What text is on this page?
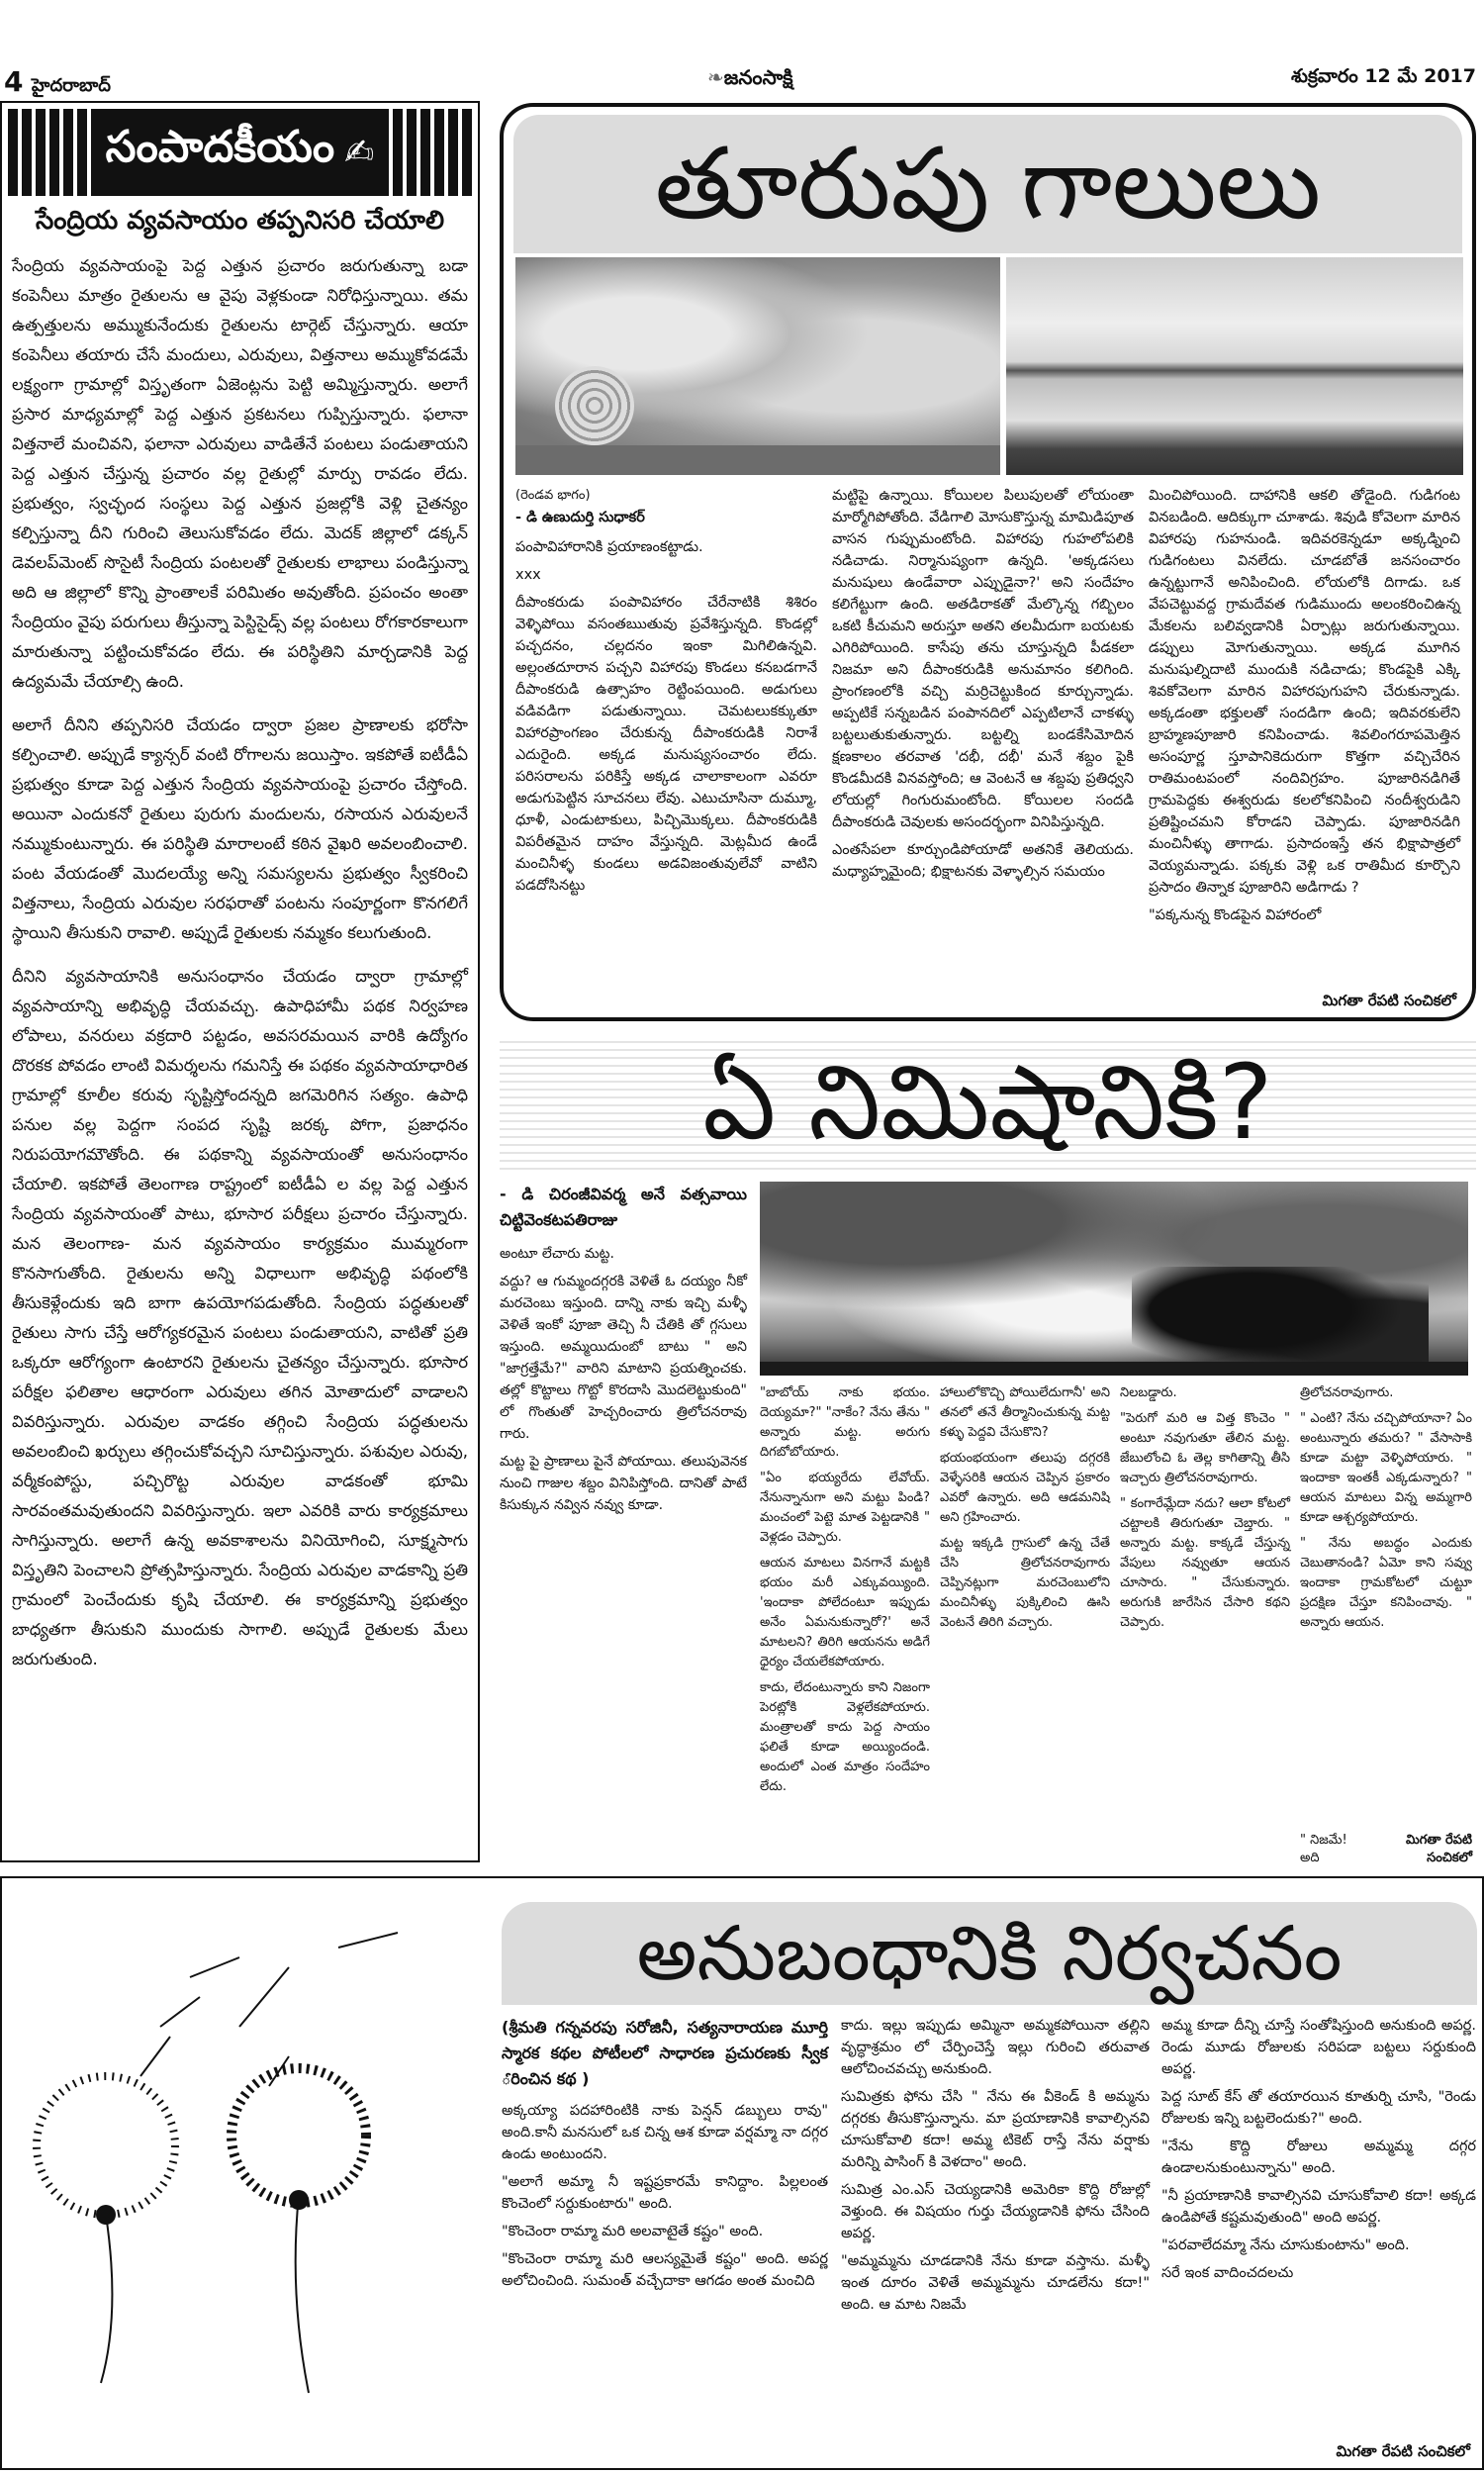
4 హైదరాబాద్	❧జనంసాక్షి	శుక్రవారం 12 మే 2017
సంపాదకీయం ✍
సేంద్రియ వ్యవసాయం తప్పనిసరి చేయాలి

సేంద్రియ వ్యవసాయంపై పెద్ద ఎత్తున ప్రచారం జరుగుతున్నా బడా కంపెనీలు మాత్రం రైతులను ఆ వైపు వెళ్లకుండా నిరోధిస్తున్నాయి. తమ ఉత్పత్తులను అమ్ముకునేందుకు రైతులను టార్గెట్ చేస్తున్నారు. ఆయా కంపెనీలు తయారు చేసే మందులు, ఎరువులు, విత్తనాలు అమ్ముకోవడమే లక్ష్యంగా గ్రామాల్లో విస్తృతంగా ఏజెంట్లను పెట్టి అమ్మిస్తున్నారు. అలాగే ప్రసార మాధ్యమాల్లో పెద్ద ఎత్తున ప్రకటనలు గుప్పిస్తున్నారు. ఫలానా విత్తనాలే మంచివని, ఫలానా ఎరువులు వాడితేనే పంటలు పండుతాయని పెద్ద ఎత్తున చేస్తున్న ప్రచారం వల్ల రైతుల్లో మార్పు రావడం లేదు. ప్రభుత్వం, స్వచ్ఛంద సంస్థలు పెద్ద ఎత్తున ప్రజల్లోకి వెళ్లి చైతన్యం కల్పిస్తున్నా దీని గురించి తెలుసుకోవడం లేదు. మెదక్ జిల్లాలో డక్కన్ డెవలప్‌మెంట్ సొసైటీ సేంద్రియ పంటలతో రైతులకు లాభాలు పండిస్తున్నా అది ఆ జిల్లాలో కొన్ని ప్రాంతాలకే పరిమితం అవుతోంది. ప్రపంచం అంతా సేంద్రియం వైపు పరుగులు తీస్తున్నా పెస్టిసైడ్స్ వల్ల పంటలు రోగకారకాలుగా మారుతున్నా పట్టించుకోవడం లేదు. ఈ పరిస్థితిని మార్చడానికి పెద్ద ఉద్యమమే చేయాల్సి ఉంది.

అలాగే దీనిని తప్పనిసరి చేయడం ద్వారా ప్రజల ప్రాణాలకు భరోసా కల్పించాలి. అప్పుడే క్యాన్సర్ వంటి రోగాలను జయిస్తాం. ఇకపోతే ఐటీడీఏ ప్రభుత్వం కూడా పెద్ద ఎత్తున సేంద్రియ వ్యవసాయంపై ప్రచారం చేస్తోంది. అయినా ఎందుకనో రైతులు పురుగు మందులను, రసాయన ఎరువులనే నమ్ముకుంటున్నారు. ఈ పరిస్థితి మారాలంటే కఠిన వైఖరి అవలంబించాలి. పంట వేయడంతో మొదలయ్యే అన్ని సమస్యలను ప్రభుత్వం స్వీకరించి విత్తనాలు, సేంద్రియ ఎరువుల సరఫరాతో పంటను సంపూర్ణంగా కొనగలిగే స్థాయిని తీసుకుని రావాలి. అప్పుడే రైతులకు నమ్మకం కలుగుతుంది.

దీనిని వ్యవసాయానికి అనుసంధానం చేయడం ద్వారా గ్రామాల్లో వ్యవసాయాన్ని అభివృద్ధి చేయవచ్చు. ఉపాధిహామీ పథక నిర్వహణ లోపాలు, వనరులు వక్రదారి పట్టడం, అవసరమయిన వారికి ఉద్యోగం దొరకక పోవడం లాంటి విమర్శలను గమనిస్తే ఈ పథకం వ్యవసాయాధారిత గ్రామాల్లో కూలీల కరువు సృష్టిస్తోందన్నది జగమెరిగిన సత్యం. ఉపాధి పనుల వల్ల పెద్దగా సంపద సృష్టి జరక్క పోగా, ప్రజాధనం నిరుపయోగమౌతోంది. ఈ పథకాన్ని వ్యవసాయంతో అనుసంధానం చేయాలి. ఇకపోతే తెలంగాణ రాష్ట్రంలో ఐటీడీఏ ల వల్ల పెద్ద ఎత్తున సేంద్రియ వ్యవసాయంతో పాటు, భూసార పరీక్షలు ప్రచారం చేస్తున్నారు. మన తెలంగాణ- మన వ్యవసాయం కార్యక్రమం ముమ్మరంగా కొనసాగుతోంది. రైతులను అన్ని విధాలుగా అభివృద్ధి పథంలోకి తీసుకెళ్లేందుకు ఇది బాగా ఉపయోగపడుతోంది. సేంద్రియ పద్ధతులతో రైతులు సాగు చేస్తే ఆరోగ్యకరమైన పంటలు పండుతాయని, వాటితో ప్రతి ఒక్కరూ ఆరోగ్యంగా ఉంటారని రైతులను చైతన్యం చేస్తున్నారు. భూసార పరీక్షల ఫలితాల ఆధారంగా ఎరువులు తగిన మోతాదులో వాడాలని వివరిస్తున్నారు. ఎరువుల వాడకం తగ్గించి సేంద్రియ పద్ధతులను అవలంబించి ఖర్చులు తగ్గించుకోవచ్చని సూచిస్తున్నారు. పశువుల ఎరువు, వర్మీకంపోస్టు, పచ్చిరొట్ట ఎరువుల వాడకంతో భూమి సారవంతమవుతుందని వివరిస్తున్నారు. ఇలా ఎవరికి వారు కార్యక్రమాలు సాగిస్తున్నారు. అలాగే ఉన్న అవకాశాలను వినియోగించి, సూక్ష్మసాగు విస్తృతిని పెంచాలని ప్రోత్సహిస్తున్నారు. సేంద్రియ ఎరువుల వాడకాన్ని ప్రతి గ్రామంలో పెంచేందుకు కృషి చేయాలి. ఈ కార్యక్రమాన్ని ప్రభుత్వం బాధ్యతగా తీసుకుని ముందుకు సాగాలి. అప్పుడే రైతులకు మేలు జరుగుతుంది.

తూరుపు గాలులు
(రెండవ భాగం)
- డి ఉణుదుర్తి సుధాకర్

పంపావిహారానికి ప్రయాణంకట్టాడు.

xxx

దీపాంకరుడు పంపావిహారం చేరేనాటికి శిశిరం వెళ్ళిపోయి వసంతఋతువు ప్రవేశిస్తున్నది. కొండల్లో పచ్చదనం, చల్లదనం ఇంకా మిగిలిఉన్నవి. అల్లంతదూరాన పచ్చని విహారపు కొండలు కనబడగానే దీపాంకరుడి ఉత్సాహం రెట్టింపయింది. అడుగులు వడివడిగా పడుతున్నాయి. చెమటలుకక్కుతూ విహారప్రాంగణం చేరుకున్న దీపాంకరుడికి నిరాశే ఎదురైంది. అక్కడ మనుష్యసంచారం లేదు. పరిసరాలను పరికిస్తే అక్కడ చాలాకాలంగా ఎవరూ అడుగుపెట్టిన సూచనలు లేవు. ఎటుచూసినా దుమ్మూ, ధూళీ, ఎండుటాకులు, పిచ్చిమొక్కలు. దీపాంకరుడికి విపరీతమైన దాహం వేస్తున్నది. మెట్లమీద ఉండే మంచినీళ్ళ కుండలు అడవిజంతువులేవో వాటిని పడదోసినట్టు

మట్టిపై ఉన్నాయి. కోయిలల పిలుపులతో లోయంతా మార్మోగిపోతోంది. వేడిగాలి మోసుకొస్తున్న మామిడిపూత వాసన గుప్పుమంటోంది. విహారపు గుహలోపలికి నడిచాడు. నిర్మానుష్యంగా ఉన్నది. 'అక్కడసలు మనుషులు ఉండేవారా ఎప్పుడైనా?' అని సందేహం కలిగేట్టుగా ఉంది. అతడిరాకతో మేల్కొన్న గబ్బిలం ఒకటి కీచుమని అరుస్తూ అతని తలమీదుగా బయటకు ఎగిరిపోయింది. కాసేపు తను చూస్తున్నది పీడకలా నిజమా అని దీపాంకరుడికి అనుమానం కలిగింది. ప్రాంగణంలోకి వచ్చి మర్రిచెట్టుకింద కూర్చున్నాడు. అప్పటికే సన్నబడిన పంపానదిలో ఎప్పటిలానే చాకళ్ళు బట్టలుతుకుతున్నారు. బట్టల్ని బండకేసిమోదిన క్షణకాలం తరవాత 'దభీ, దభీ' మనే శబ్దం పైకి కొండమీదకి వినవస్తోంది; ఆ వెంటనే ఆ శబ్దపు ప్రతిధ్వని లోయల్లో గింగురుమంటోంది. కోయిలల సందడి దీపాంకరుడి చెవులకు అసందర్భంగా వినిపిస్తున్నది.

ఎంతసేపలా కూర్చుండిపోయాడో అతనికే తెలియదు. మధ్యాహ్నమైంది; భిక్షాటనకు వెళ్ళాల్సిన సమయం

మించిపోయింది. దాహానికి ఆకలి తోడైంది. గుడిగంట వినబడింది. ఆదిక్కుగా చూశాడు. శివుడి కోవెలగా మారిన విహారపు గుహనుండి. ఇదివరకెన్నడూ అక్కడ్నించి గుడిగంటలు వినలేదు. చూడబోతే జనసంచారం ఉన్నట్టుగానే అనిపించింది. లోయలోకి దిగాడు. ఒక వేపచెట్టువద్ద గ్రామదేవత గుడిముందు అలంకరించిఉన్న మేకలను బలివ్వడానికి ఏర్పాట్లు జరుగుతున్నాయి. డప్పులు మోగుతున్నాయి. అక్కడ మూగిన మనుషుల్నిదాటి ముందుకి నడిచాడు; కొండపైకి ఎక్కి శివకోవెలగా మారిన విహారపుగుహని చేరుకున్నాడు. అక్కడంతా భక్తులతో సందడిగా ఉంది; ఇదివరకులేని బ్రాహ్మణపూజారి కనిపించాడు. శివలింగరూపమెత్తిన అసంపూర్ణ స్తూపానికెదురుగా కొత్తగా వచ్చిచేరిన రాతిమంటపంలో నందివిగ్రహం. పూజారినడిగితే గ్రామపెద్దకు ఈశ్వరుడు కలలోకనిపించి నందీశ్వరుడిని ప్రతిష్టించమని కోరాడని చెప్పాడు. పూజారినడిగి మంచినీళ్ళు తాగాడు. ప్రసాదంఇస్తే తన భిక్షాపాత్రలో వెయ్యమన్నాడు. పక్కకు వెళ్లి ఒక రాతిమీద కూర్చొని ప్రసాదం తిన్నాక పూజారిని అడిగాడు ?

"పక్కనున్న కొండపైన విహారంలో

మిగతా రేపటి సంచికలో
ఏ నిమిషానికి?
- డి చిరంజీవివర్మ అనే వత్సవాయి చిట్టివెంకటపతిరాజు

అంటూ లేచారు మట్ట.

వద్దు? ఆ గుమ్మందగ్గరకి వెళితే ఓ దయ్యం నీకో మరచెంబు ఇస్తుంది. దాన్ని నాకు ఇచ్చి మళ్ళీ వెళితే ఇంకో పూజా తెచ్చి నీ చేతికి తో గ్గసులు ఇస్తుంది. అమ్మయిదుంబో బాటు " అని "జాగ్రత్తేమే?" వారిని మాటాని ప్రయత్నించకు. తల్లో కొట్టాలు గొట్టో కొరదాసి మొదలెట్టుకుంది" లో గొంతుతో హెచ్చరించారు త్రిలోచనరావు గారు.

మట్ట పై ప్రాణాలు పైనే పోయాయి. తలుపువెనక నుంచి గాజుల శబ్దం వినిపిస్తోంది. దానితో పాటే కిసుక్కున నవ్విన నవ్వు కూడా.

"బాబోయ్ నాకు భయం. దెయ్యమా?" "నాకేం? నేను తేను " అన్నారు మట్ట. అరుగు దిగబోబోయారు.

"ఏం భయ్యరేదు లేవోయ్. నేనున్నానుగా అని మట్టు పిండి? మంచంలో పెట్టె మాత పెట్టడానికి " వెళ్లడం చెప్పారు.

ఆయన మాటలు వినగానే మట్టకి భయం మరీ ఎక్కువయ్యింది. 'ఇందాకా పోలేదంటూ ఇప్పుడు అనేం ఏమనుకున్నారో?' అనే మాటలని? తిరిగి ఆయనను అడిగే ధైర్యం చేయలేకపోయారు.

కాదు, లేదంటున్నారు కాని నిజంగా పెరట్లోకి వెళ్లలేకపోయారు. మంత్రాలతో కాదు పెద్ద సాయం ఫలితే కూడా అయ్యిందండి. అందులో ఎంత మాత్రం సందేహం లేదు.

హాలులోకొచ్చి పోయిలేదుగానీ' అని తనలో తనే తీర్మానించుకున్న మట్ట కళ్ళు పెద్దవి చేసుకొని?

భయంభయంగా తలుపు దగ్గరకి వెళ్ళేసరికి ఆయన చెప్పిన ప్రకారం ఎవరో ఉన్నారు. అది ఆడమనిషి అని గ్రహించారు.

మట్ట ఇక్కడి గ్రాసులో ఉన్న చేతే చేసి త్రిలోచనరావుగారు చెప్పినట్లుగా మరచెంబులోని మంచినీళ్ళు పుక్కిలించి ఊసి వెంటనే తిరిగి వచ్చారు.

నిలబడ్డారు.

"పెరుగో మరి ఆ విత్త కొంచెం " అంటూ నవుగుతూ తేలిన మట్ట. జేబులోంచి ఓ తెల్ల కాగితాన్ని తీసి ఇచ్చారు త్రిలోచనరావుగారు.

" కంగారేమ్లేదా నదు? ఆలా కోటలో చట్టాలకి తిరుగుతూ చెబ్తారు. " అన్నారు మట్ట. కాక్కడే చేస్తున్న వేపులు నవ్వుతూ ఆయన చూసారు. " చేసుకున్నారు. అరుగుకి జారేసిన చేసారి కథని చెప్పారు.

త్రిలోచనరావుగారు.

" ఎంటి? నేను చచ్చిపోయానా? ఏం అంటున్నారు తమరు? " వేసాసాకి కూడా మట్టా వెళ్ళిపోయారు. " ఇందాకా ఇంతకీ ఎక్కడున్నారు? " ఆయన మాటలు విన్న అమ్మగారి కూడా ఆశ్చర్యపోయారు.

" నేను అబద్ధం ఎందుకు చెబుతానండి? ఏమో కాని సవ్వు ఇందాకా గ్రామకోటలో చుట్టూ ప్రదక్షిణ చేస్తూ కనిపించావు. " అన్నారు ఆయన.

" నిజమే! అది
మిగతా రేపటి సంచికలో
అనుబంధానికి నిర్వచనం
(శ్రీమతి గన్నవరపు సరోజినీ, సత్యనారాయణ మూర్తి స్మారక కథల పోటీలలో సాధారణ ప్రచురణకు స్వీక ౕరించిన కథ )

అక్కయ్యా పదహారింటికి నాకు పెన్షన్ డబ్బులు రావు" అంది.కానీ మనసులో ఒక చిన్న ఆశ కూడా వర్షమ్మా నా దగ్గర ఉండు అంటుందని.

"అలాగే అమ్మా నీ ఇష్టప్రకారమే కానిద్దాం. పిల్లలంత కొంచెంలో సర్దుకుంటారు" అంది.

"కొంచెంరా రామ్మా మరి అలవాటైతే కష్టం" అంది.

"కొంచెంరా రామ్మా మరి ఆలస్యమైతే కష్టం" అంది. అపర్ణ అలోచించింది. సుమంత్ వచ్చేదాకా ఆగడం అంత మంచిది

కాదు. ఇల్లు ఇప్పుడు అమ్మినా అమ్మకపోయినా తల్లిని వృద్ధాశ్రమం లో చేర్పించెస్తే ఇల్లు గురించి తరువాత ఆలోచించవచ్చు అనుకుంది.

సుమిత్రకు ఫోను చేసి " నేను ఈ వీకెండ్ కి అమ్మను దగ్గరకు తీసుకొస్తున్నాను. మా ప్రయాణానికి కావాల్సినవి చూసుకోవాలి కదా! అమ్మ టికెట్ రాస్తే నేను వర్షాకు మరిన్ని పాసింగ్ కి వెళదాం" అంది.

సుమిత్ర ఎం.ఎస్ చెయ్యడానికి అమెరికా కొద్ది రోజుల్లో వెళ్తుంది. ఈ విషయం గుర్తు చేయ్యడానికి ఫోను చేసింది అపర్ణ.

"అమ్మమ్మను చూడడానికి నేను కూడా వస్తాను. మళ్ళీ ఇంత దూరం వెళితే అమ్మమ్మను చూడలేను కదా!" అంది. ఆ మాట నిజమే

అమ్మ కూడా దీన్ని చూస్తే సంతోషిస్తుంది అనుకుంది అపర్ణ. రెండు మూడు రోజులకు సరిపడా బట్టలు సర్దుకుంది అపర్ణ.

పెద్ద సూట్ కేస్ తో తయారయిన కూతుర్ని చూసి, "రెండు రోజులకు ఇన్ని బట్టలెందుకు?" అంది.

"నేను కొద్ది రోజులు అమ్మమ్మ దగ్గర ఉండాలనుకుంటున్నాను" అంది.

"నీ ప్రయాణానికి కావాల్సినవి చూసుకోవాలి కదా! అక్కడ ఉండిపోతే కష్టమవుతుంది" అంది అపర్ణ.

"పరవాలేదమ్మా నేను చూసుకుంటాను" అంది.

సరే ఇంక వాదించదలచు

మిగతా రేపటి సంచికలో
